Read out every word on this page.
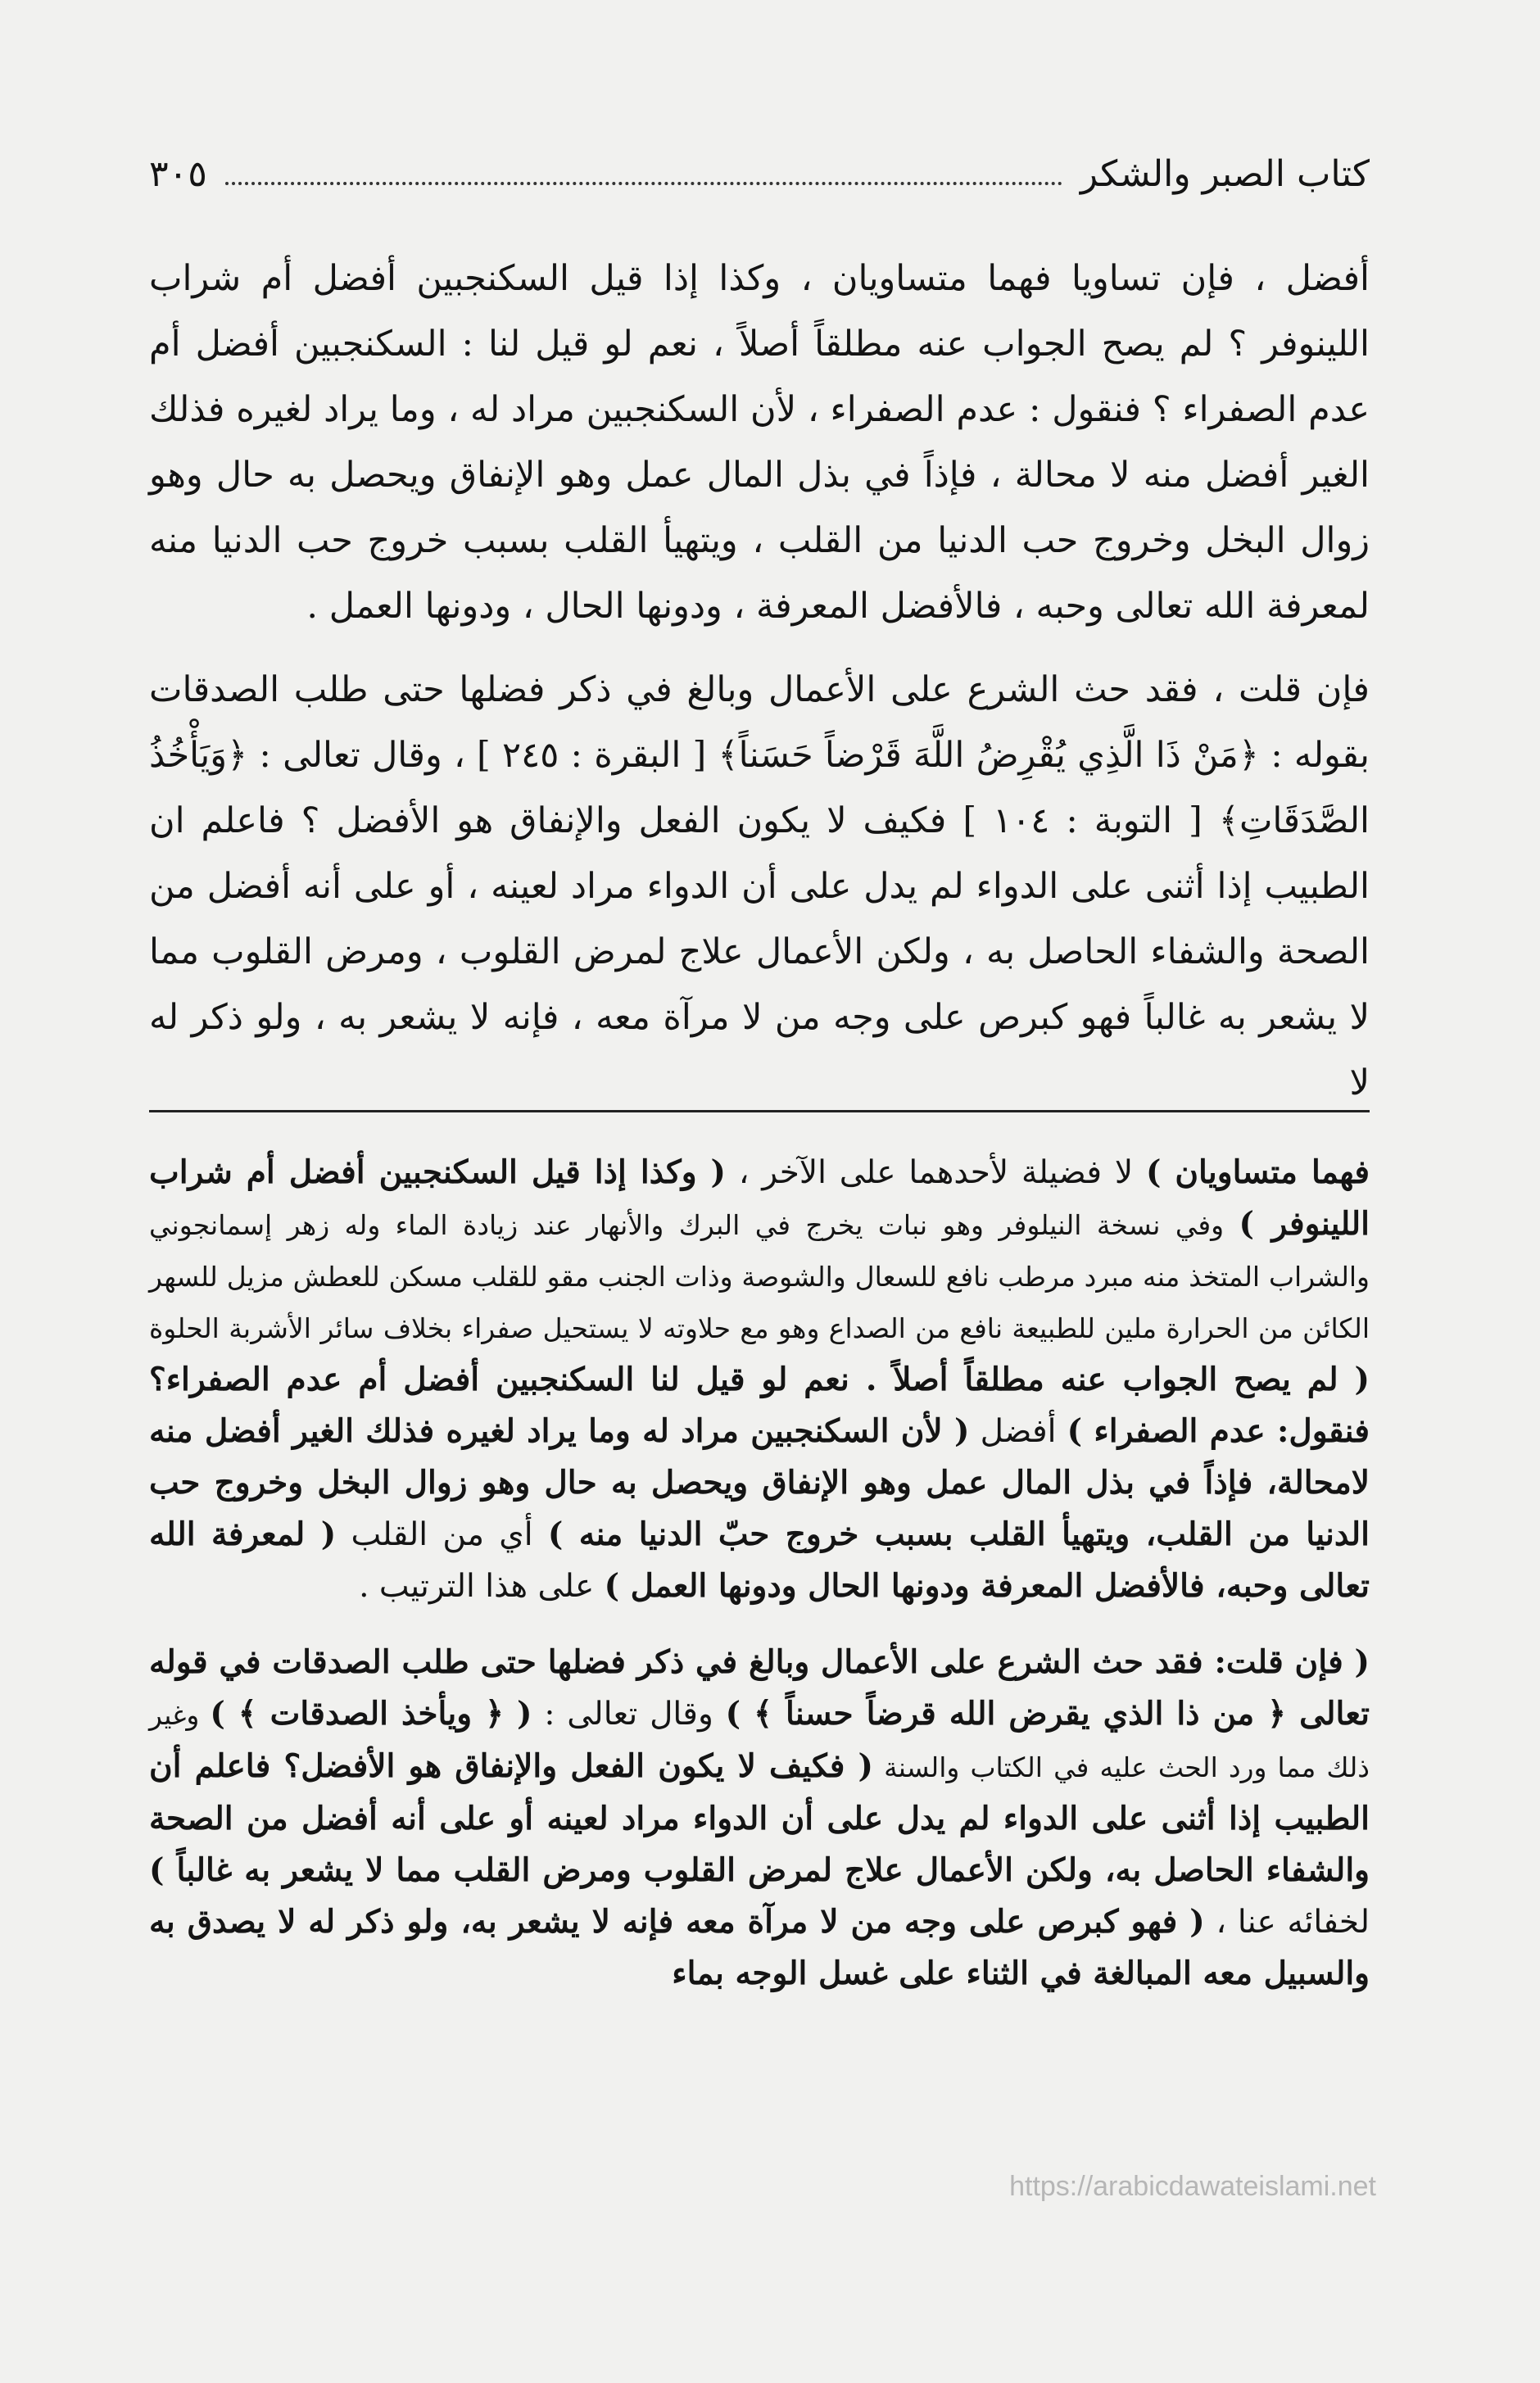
كتاب الصبر والشكر
٣٠٥

أفضل ، فإن تساويا فهما متساويان ، وكذا إذا قيل السكنجبين أفضل أم شراب اللينوفر ؟ لم يصح الجواب عنه مطلقاً أصلاً ، نعم لو قيل لنا : السكنجبين أفضل أم عدم الصفراء ؟ فنقول : عدم الصفراء ، لأن السكنجبين مراد له ، وما يراد لغيره فذلك الغير أفضل منه لا محالة ، فإذاً في بذل المال عمل وهو الإنفاق ويحصل به حال وهو زوال البخل وخروج حب الدنيا من القلب ، ويتهيأ القلب بسبب خروج حب الدنيا منه لمعرفة الله تعالى وحبه ، فالأفضل المعرفة ، ودونها الحال ، ودونها العمل .

فإن قلت ، فقد حث الشرع على الأعمال وبالغ في ذكر فضلها حتى طلب الصدقات بقوله : ﴿مَنْ ذَا الَّذِي يُقْرِضُ اللَّهَ قَرْضاً حَسَناً﴾ [ البقرة : ٢٤٥ ] ، وقال تعالى : ﴿وَيَأْخُذُ الصَّدَقَاتِ﴾ [ التوبة : ١٠٤ ] فكيف لا يكون الفعل والإنفاق هو الأفضل ؟ فاعلم ان الطبيب إذا أثنى على الدواء لم يدل على أن الدواء مراد لعينه ، أو على أنه أفضل من الصحة والشفاء الحاصل به ، ولكن الأعمال علاج لمرض القلوب ، ومرض القلوب مما لا يشعر به غالباً فهو كبرص على وجه من لا مرآة معه ، فإنه لا يشعر به ، ولو ذكر له لا

فهما متساويان ) لا فضيلة لأحدهما على الآخر ، ( وكذا إذا قيل السكنجبين أفضل أم شراب اللينوفر ) وفي نسخة النيلوفر وهو نبات يخرج في البرك والأنهار عند زيادة الماء وله زهر إسمانجوني والشراب المتخذ منه مبرد مرطب نافع للسعال والشوصة وذات الجنب مقو للقلب مسكن للعطش مزيل للسهر الكائن من الحرارة ملين للطبيعة نافع من الصداع وهو مع حلاوته لا يستحيل صفراء بخلاف سائر الأشربة الحلوة ( لم يصح الجواب عنه مطلقاً أصلاً . نعم لو قيل لنا السكنجبين أفضل أم عدم الصفراء؟ فنقول: عدم الصفراء ) أفضل ( لأن السكنجبين مراد له وما يراد لغيره فذلك الغير أفضل منه لامحالة، فإذاً في بذل المال عمل وهو الإنفاق ويحصل به حال وهو زوال البخل وخروج حب الدنيا من القلب، ويتهيأ القلب بسبب خروج حبّ الدنيا منه ) أي من القلب ( لمعرفة الله تعالى وحبه، فالأفضل المعرفة ودونها الحال ودونها العمل ) على هذا الترتيب .

( فإن قلت: فقد حث الشرع على الأعمال وبالغ في ذكر فضلها حتى طلب الصدقات في قوله تعالى ﴿ من ذا الذي يقرض الله قرضاً حسناً ﴾ ) وقال تعالى : ( ﴿ ويأخذ الصدقات ﴾ ) وغير ذلك مما ورد الحث عليه في الكتاب والسنة ( فكيف لا يكون الفعل والإنفاق هو الأفضل؟ فاعلم أن الطبيب إذا أثنى على الدواء لم يدل على أن الدواء مراد لعينه أو على أنه أفضل من الصحة والشفاء الحاصل به، ولكن الأعمال علاج لمرض القلوب ومرض القلب مما لا يشعر به غالباً ) لخفائه عنا ، ( فهو كبرص على وجه من لا مرآة معه فإنه لا يشعر به، ولو ذكر له لا يصدق به والسبيل معه المبالغة في الثناء على غسل الوجه بماء

https://arabicdawateislami.net
